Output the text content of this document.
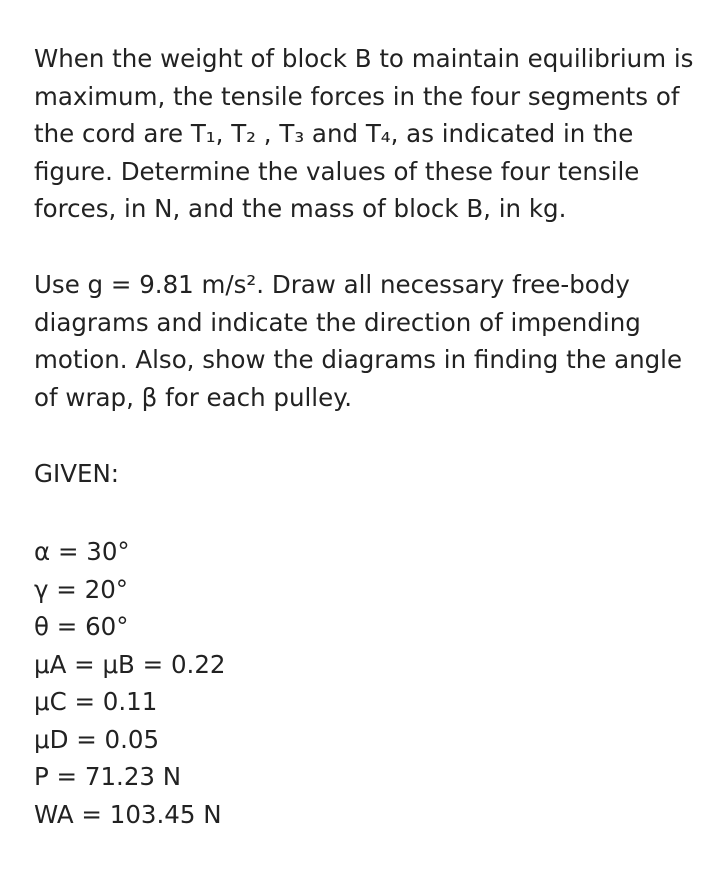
When the weight of block B to maintain equilibrium is maximum, the tensile forces in the four segments of the cord are T₁, T₂ , T₃ and T₄, as indicated in the figure. Determine the values of these four tensile forces, in N, and the mass of block B, in kg.

Use g = 9.81 m/s². Draw all necessary free-body diagrams and indicate the direction of impending motion. Also, show the diagrams in finding the angle of wrap, β for each pulley.

GIVEN:

α = 30°
γ = 20°
θ = 60°
μA = μB = 0.22
μC = 0.11
μD = 0.05
P = 71.23 N
WA = 103.45 N
